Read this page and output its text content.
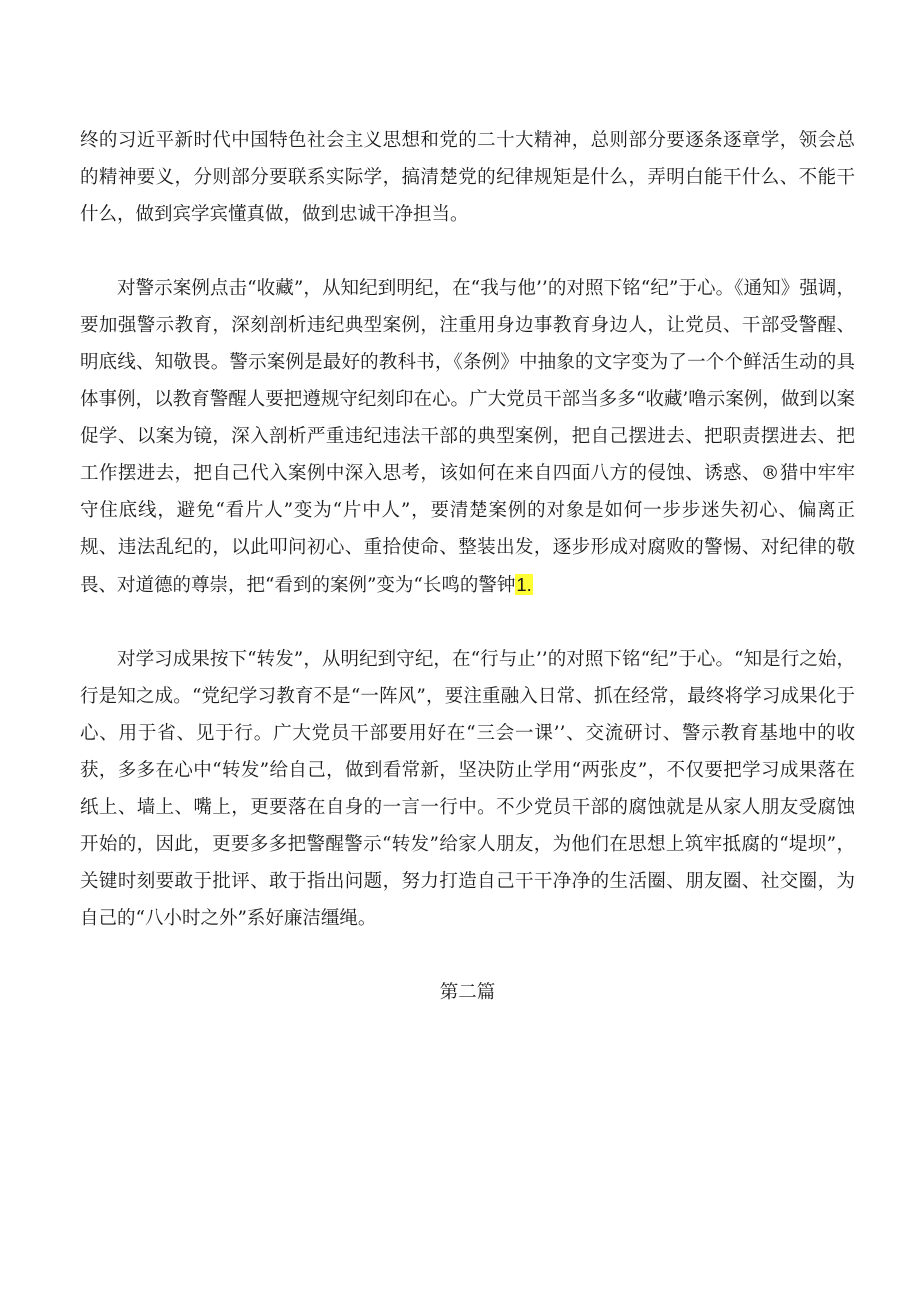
终的习近平新时代中国特色社会主义思想和党的二十大精神，总则部分要逐条逐章学，领会总的精神要义，分则部分要联系实际学，搞清楚党的纪律规矩是什么，弄明白能干什么、不能干什么，做到宾学宾懂真做，做到忠诚干净担当。

对警示案例点击“收藏”，从知纪到明纪，在“我与他’’的对照下铭“纪”于心。《通知》强调，要加强警示教育，深刻剖析违纪典型案例，注重用身边事教育身边人，让党员、干部受警醒、明底线、知敬畏。警示案例是最好的教科书，《条例》中抽象的文字变为了一个个鲜活生动的具体事例，以教育警醒人要把遵规守纪刻印在心。广大党员干部当多多“收藏’噜示案例，做到以案促学、以案为镜，深入剖析严重违纪违法干部的典型案例，把自己摆进去、把职责摆进去、把工作摆进去，把自己代入案例中深入思考，该如何在来自四面八方的侵蚀、诱惑、®猎中牢牢守住底线，避免“看片人”变为“片中人”，要清楚案例的对象是如何一步步迷失初心、偏离正规、违法乱纪的，以此叩问初心、重拾使命、整装出发，逐步形成对腐败的警惕、对纪律的敬畏、对道德的尊崇，把“看到的案例”变为“长鸣的警钟1.

对学习成果按下“转发”，从明纪到守纪，在“行与止’’的对照下铭“纪”于心。“知是行之始，行是知之成。“党纪学习教育不是“一阵风”，要注重融入日常、抓在经常，最终将学习成果化于心、用于省、见于行。广大党员干部要用好在“三会一课’’、交流研讨、警示教育基地中的收获，多多在心中“转发”给自己，做到看常新，坚决防止学用“两张皮”，不仅要把学习成果落在纸上、墙上、嘴上，更要落在自身的一言一行中。不少党员干部的腐蚀就是从家人朋友受腐蚀开始的，因此，更要多多把警醒警示“转发”给家人朋友，为他们在思想上筑牢抵腐的“堤坝”，关键时刻要敢于批评、敢于指出问题，努力打造自己干干净净的生活圈、朋友圈、社交圈，为自己的“八小时之外”系好廉洁缰绳。

第二篇
